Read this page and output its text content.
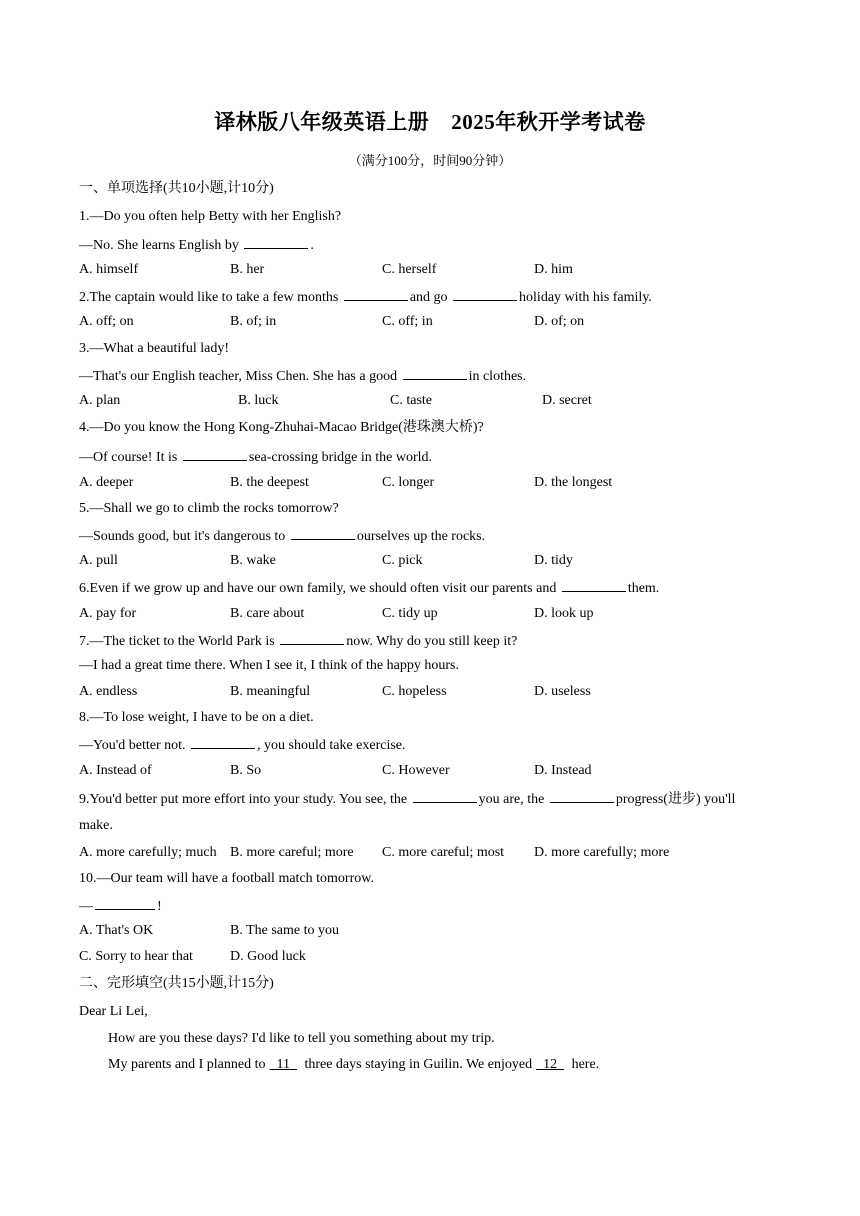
译林版八年级英语上册 2025年秋开学考试卷
（满分100分，时间90分钟）
一、单项选择(共10小题,计10分)
1.—Do you often help Betty with her English?
—No. She learns English by	.
A. himself	B. her	C. herself	D. him
2.The captain would like to take a few months	and go	holiday with his family.
A. off; on	B. of; in	C. off; in	D. of; on
3.—What a beautiful lady!
—That's our English teacher, Miss Chen. She has a good	in clothes.
A. plan	B. luck	C. taste	D. secret
4.—Do you know the Hong Kong-Zhuhai-Macao Bridge(港珠澳大桥)?
—Of course! It is	sea-crossing bridge in the world.
A. deeper	B. the deepest	C. longer	D. the longest
5.—Shall we go to climb the rocks tomorrow?
—Sounds good, but it's dangerous to	ourselves up the rocks.
A. pull	B. wake	C. pick	D. tidy
6.Even if we grow up and have our own family, we should often visit our parents and	them.
A. pay for	B. care about	C. tidy up	D. look up
7.—The ticket to the World Park is	now. Why do you still keep it?
—I had a great time there. When I see it, I think of the happy hours.
A. endless	B. meaningful	C. hopeless	D. useless
8.—To lose weight, I have to be on a diet.
—You'd better not.	, you should take exercise.
A. Instead of	B. So	C. However	D. Instead
9.You'd better put more effort into your study. You see, the	you are, the	progress(进步) you'll
make.
A. more carefully; much B. more careful; more C. more careful; most D. more carefully; more
10.—Our team will have a football match tomorrow.
—	!
A. That's OK	B. The same to you
C. Sorry to hear that	D. Good luck
二、完形填空(共15小题,计15分)
Dear Li Lei,
How are you these days? I'd like to tell you something about my trip.
My parents and I planned to 11 three days staying in Guilin. We enjoyed 12 here.
